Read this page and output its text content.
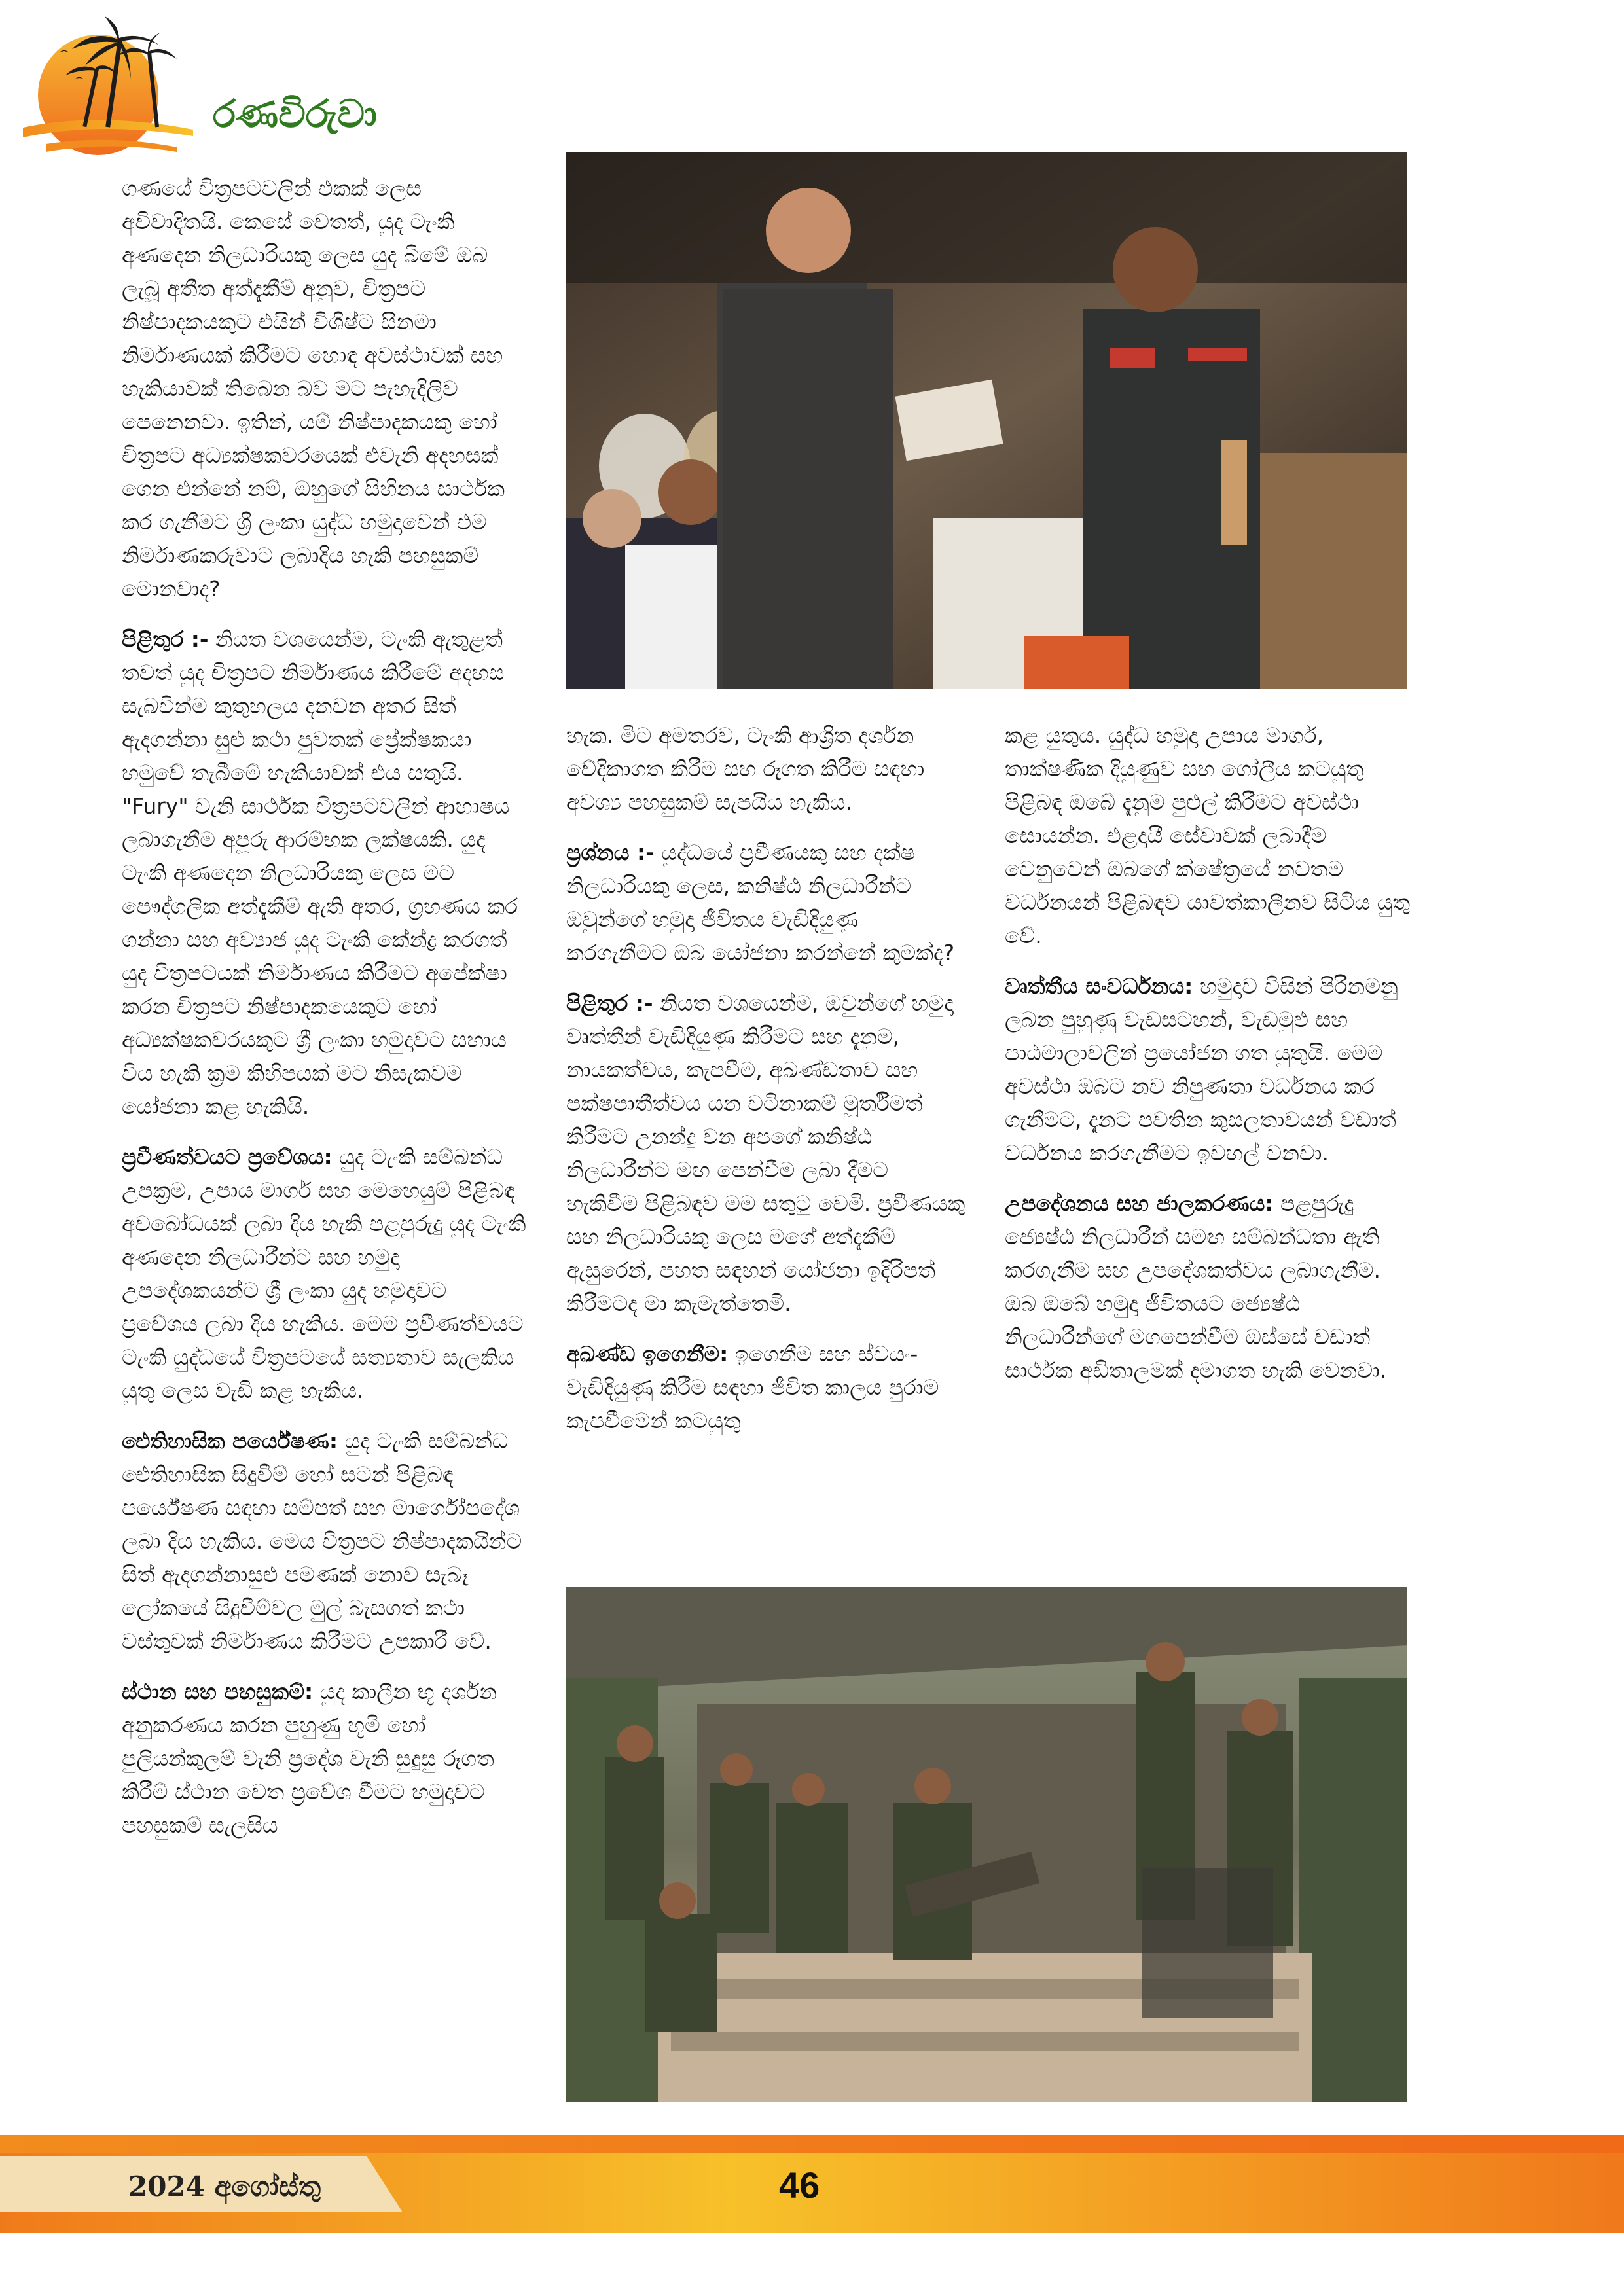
රණවිරුවා

ගණයේ චිත්‍රපටවලින් එකක් ලෙස අවිවාදිතයි. කෙසේ වෙතත්, යුද ටැංකි අණදෙන නිලධාරියකු ලෙස යුද බිමේ ඔබ ලැබූ අතීත අත්දැකීම් අනුව, චිත්‍රපට නිෂ්පාදකයකුට එයින් විශිෂ්ට සිනමා නිර්මාණයක් කිරීමට හොඳ අවස්ථාවක් සහ හැකියාවක් තිබෙන බව මට පැහැදිලිව පෙනෙනවා. ඉතින්, යම් නිෂ්පාදකයකු හෝ චිත්‍රපට අධ්‍යක්ෂකවරයෙක් එවැනි අදහසක් ගෙන එන්නේ නම්, ඔහුගේ සිහිනය සාර්ථක කර ගැනීමට ශ්‍රී ලංකා යුද්ධ හමුදාවෙන් එම නිර්මාණකරුවාට ලබාදිය හැකි පහසුකම් මොනවාද?

පිළිතුර :- නියත වශයෙන්ම, ටැංකි ඇතුළත් තවත් යුද චිත්‍රපට නිර්මාණය කිරීමේ අදහස සැබවින්ම කුතුහලය දනවන අතර සිත් ඇදගන්නා සුළු කථා පුවතක් ප්‍රේක්ෂකයා හමුවේ තැබීමේ හැකියාවක් එය සතුයි. "Fury" වැනි සාර්ථක චිත්‍රපටවලින් ආභාෂය ලබාගැනීම අපූරු ආරම්භක ලක්ෂයකි. යුද ටැංකි අණදෙන නිලධාරියකු ලෙස මට පෞද්ගලික අත්දැකීම් ඇති අතර, ග්‍රහණය කර ගන්නා සහ අව්‍යාජ යුද ටැංකි කේන්ද්‍ර කරගත් යුද චිත්‍රපටයක් නිර්මාණය කිරීමට අපේක්ෂා කරන චිත්‍රපට නිෂ්පාදකයෙකුට හෝ අධ්‍යක්ෂකවරයකුට ශ්‍රී ලංකා හමුදාවට සහාය විය හැකි ක්‍රම කිහිපයක් මට නිසැකවම යෝජනා කළ හැකියි.

ප්‍රවීණත්වයට ප්‍රවේශය: යුද ටැංකි සම්බන්ධ උපක්‍රම, උපාය මාර්ග සහ මෙහෙයුම් පිළිබඳ අවබෝධයක් ලබා දිය හැකි පළපුරුදු යුද ටැංකි අණදෙන නිලධාරීන්ට සහ හමුදා උපදේශකයන්ට ශ්‍රී ලංකා යුද හමුදාවට ප්‍රවේශය ලබා දිය හැකිය. මෙම ප්‍රවීණත්වයට ටැංකි යුද්ධයේ චිත්‍රපටයේ සත්‍යතාව සැලකිය යුතු ලෙස වැඩි කළ හැකිය.

ඓතිහාසික පර්යේෂණ: යුද ටැංකි සම්බන්ධ ඓතිහාසික සිදුවීම් හෝ සටන් පිළිබඳ පර්යේෂණ සඳහා සම්පත් සහ මාර්ගෝපදේශ ලබා දිය හැකිය. මෙය චිත්‍රපට නිෂ්පාදකයින්ට සිත් ඇදගන්නාසුළු පමණක් නොව සැබෑ ලෝකයේ සිදුවීම්වල මුල් බැසගත් කථා වස්තුවක් නිර්මාණය කිරීමට උපකාරී වේ.

ස්ථාන සහ පහසුකම්: යුද කාලීන භූ දර්ශන අනුකරණය කරන පුහුණු භූමි හෝ පුලියන්කුලම් වැනි ප්‍රදේශ වැනි සුදුසු රූගත කිරීම් ස්ථාන වෙත ප්‍රවේශ වීමට හමුදාවට පහසුකම් සැලසිය

හැක. මීට අමතරව, ටැංකි ආශ්‍රිත දර්ශන වේදිකාගත කිරීම සහ රූගත කිරීම සඳහා අවශ්‍ය පහසුකම් සැපයිය හැකිය.

ප්‍රශ්නය :- යුද්ධයේ ප්‍රවීණයකු සහ දක්ෂ නිලධාරියකු ලෙස, කනිෂ්ඨ නිලධාරීන්ට ඔවුන්ගේ හමුදා ජීවිතය වැඩිදියුණු කරගැනීමට ඔබ යෝජනා කරන්නේ කුමක්ද?

පිළිතුර :- නියත වශයෙන්ම, ඔවුන්ගේ හමුදා වෘත්තීන් වැඩිදියුණු කිරීමට සහ දැනුම, නායකත්වය, කැපවීම, අඛණ්ඩතාව සහ පක්ෂපාතීත්වය යන වටිනාකම් මූර්තිමත් කිරීමට උනන්දු වන අපගේ කනිෂ්ඨ නිලධාරීන්ට මඟ පෙන්වීම ලබා දීමට හැකිවීම පිළිබඳව මම සතුටු වෙමි. ප්‍රවීණයකු සහ නිලධාරියකු ලෙස මගේ අත්දැකීම් ඇසුරෙන්, පහත සඳහන් යෝජනා ඉදිරිපත් කිරීමටද මා කැමැත්තෙමි.

අඛණ්ඩ ඉගෙනීම: ඉගෙනීම සහ ස්වයං-වැඩිදියුණු කිරීම සඳහා ජීවිත කාලය පුරාම කැපවීමෙන් කටයුතු

කළ යුතුය. යුද්ධ හමුදා උපාය මාර්ග, තාක්ෂණික දියුණුව සහ ගෝලීය කටයුතු පිළිබඳ ඔබේ දැනුම පුළුල් කිරීමට අවස්ථා සොයන්න. එළදායී සේවාවක් ලබාදීම වෙනුවෙන් ඔබගේ ක්ෂේත්‍රයේ නවතම වර්ධනයන් පිළිබඳව යාවත්කාලීනව සිටිය යුතු වේ.

වෘත්තීය සංවර්ධනය: හමුදාව විසින් පිරිනමනු ලබන පුහුණු වැඩසටහන්, වැඩමුළු සහ පාඨමාලාවලින් ප්‍රයෝජන ගත යුතුයි. මෙම අවස්ථා ඔබට නව නිපුණතා වර්ධනය කර ගැනීමට, දැනට පවතින කුසලතාවයන් වඩාත් වර්ධනය කරගැනීමට ඉවහල් වනවා.

උපදේශනය සහ ජාලකරණය: පළපුරුදු ජ්‍යෙෂ්ඨ නිලධාරීන් සමඟ සම්බන්ධතා ඇති කරගැනීම සහ උපදේශකත්වය ලබාගැනීම. ඔබ ඔබේ හමුදා ජීවිතයට ජ්‍යෙෂ්ඨ නිලධාරීන්ගේ මගපෙන්වීම ඔස්සේ වඩාත් සාර්ථක අඩිතාලමක් දමාගත හැකි වෙනවා.

2024 අගෝස්තු	46
